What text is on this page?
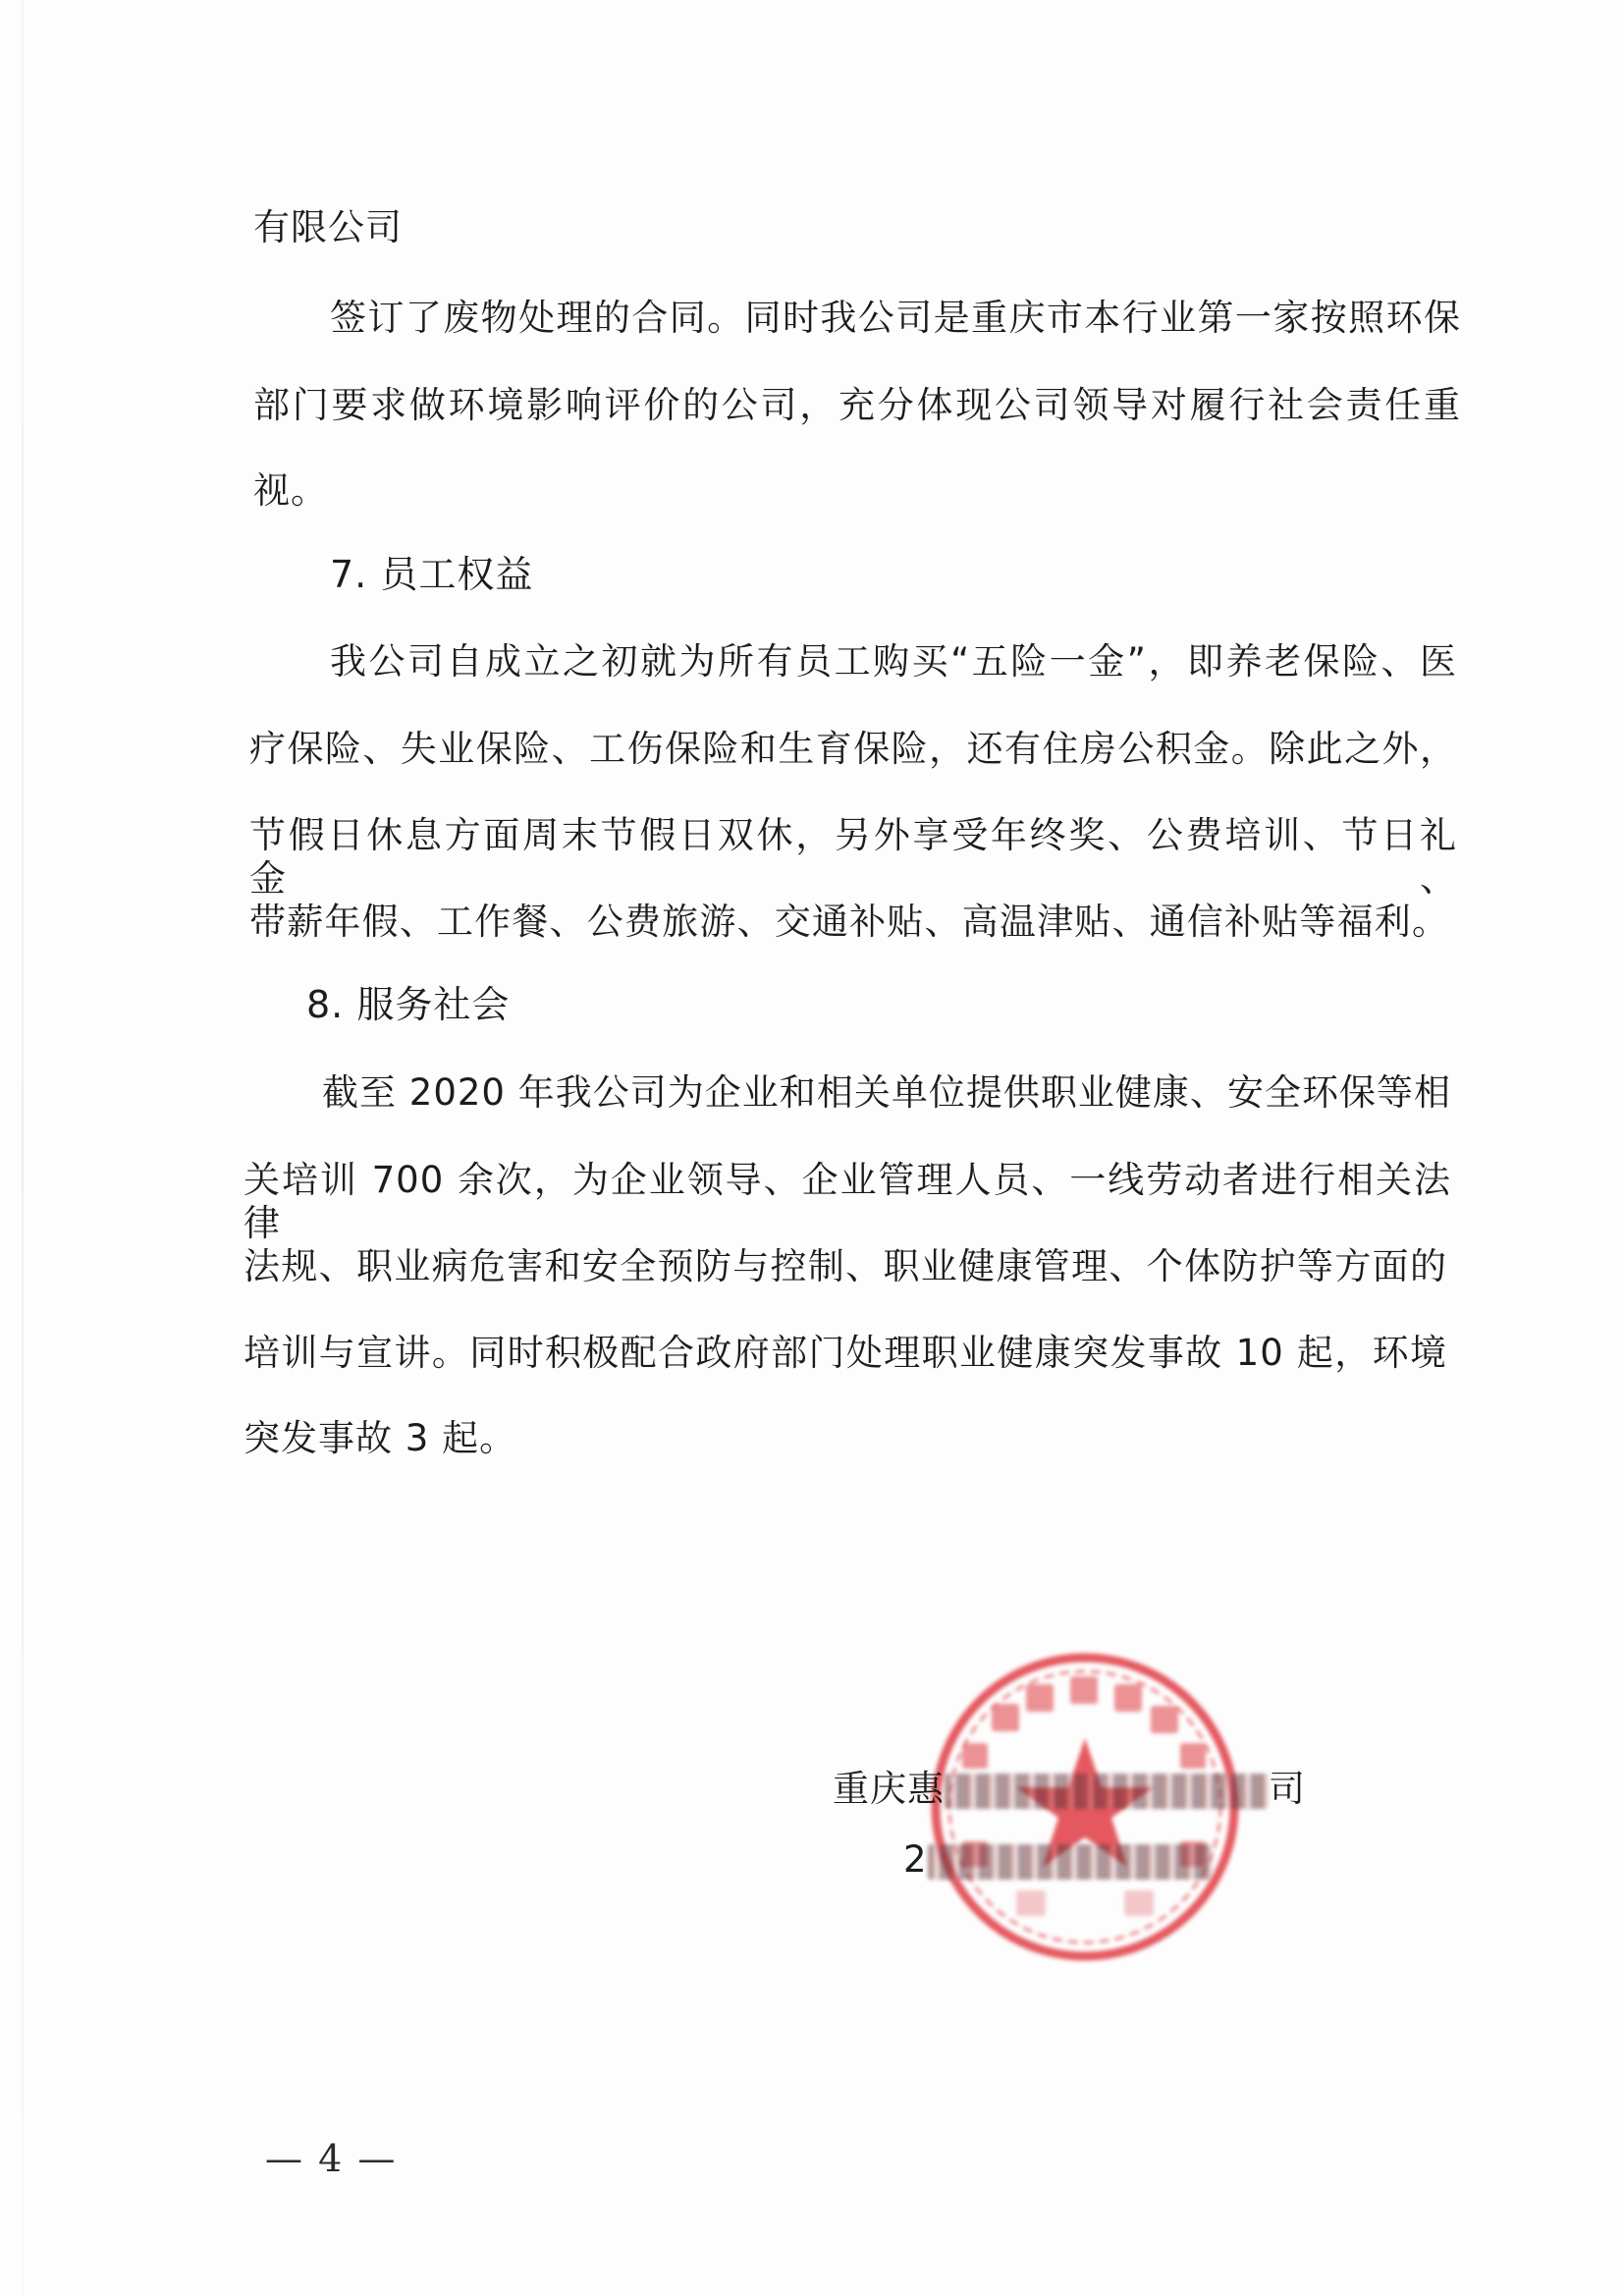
有限公司
签订了废物处理的合同。同时我公司是重庆市本行业第一家按照环保
部门要求做环境影响评价的公司，充分体现公司领导对履行社会责任重
视。
7. 员工权益
我公司自成立之初就为所有员工购买“五险一金”，即养老保险、医
疗保险、失业保险、工伤保险和生育保险，还有住房公积金。除此之外，
节假日休息方面周末节假日双休，另外享受年终奖、公费培训、节日礼金、
带薪年假、工作餐、公费旅游、交通补贴、高温津贴、通信补贴等福利。
8. 服务社会
截至 2020 年我公司为企业和相关单位提供职业健康、安全环保等相
关培训 700 余次，为企业领导、企业管理人员、一线劳动者进行相关法律
法规、职业病危害和安全预防与控制、职业健康管理、个体防护等方面的
培训与宣讲。同时积极配合政府部门处理职业健康突发事故 10 起，环境
突发事故 3 起。
重庆惠	司
2
— 4 —
